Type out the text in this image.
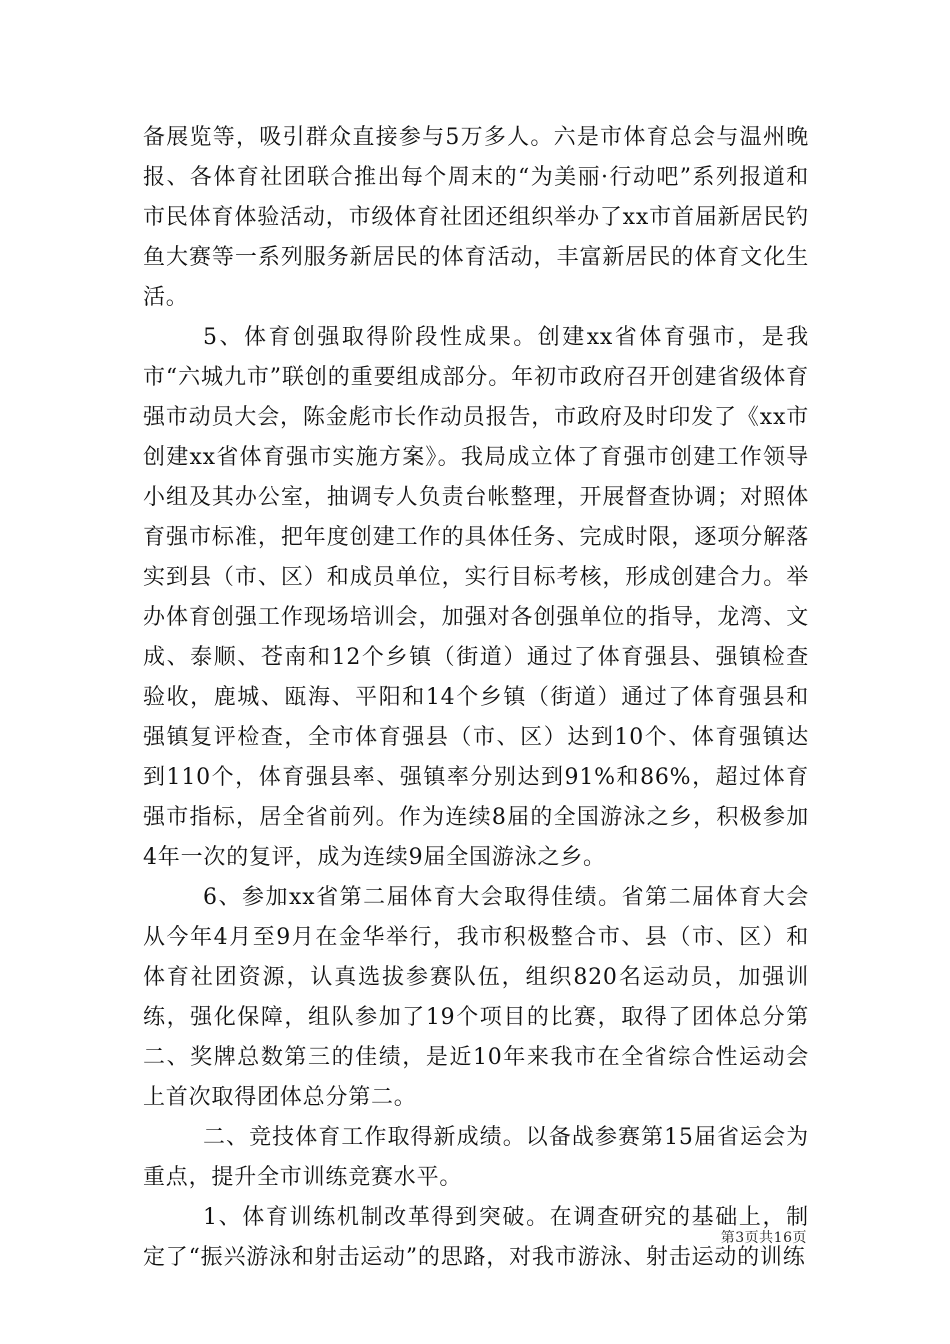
备展览等，吸引群众直接参与5万多人。六是市体育总会与温州晚报、各体育社团联合推出每个周末的“为美丽·行动吧”系列报道和市民体育体验活动，市级体育社团还组织举办了xx市首届新居民钓鱼大赛等一系列服务新居民的体育活动，丰富新居民的体育文化生活。

5、体育创强取得阶段性成果。创建xx省体育强市，是我市“六城九市”联创的重要组成部分。年初市政府召开创建省级体育强市动员大会，陈金彪市长作动员报告，市政府及时印发了《xx市创建xx省体育强市实施方案》。我局成立体了育强市创建工作领导小组及其办公室，抽调专人负责台帐整理，开展督查协调；对照体育强市标准，把年度创建工作的具体任务、完成时限，逐项分解落实到县（市、区）和成员单位，实行目标考核，形成创建合力。举办体育创强工作现场培训会，加强对各创强单位的指导，龙湾、文成、泰顺、苍南和12个乡镇（街道）通过了体育强县、强镇检查验收，鹿城、瓯海、平阳和14个乡镇（街道）通过了体育强县和强镇复评检查，全市体育强县（市、区）达到10个、体育强镇达到110个，体育强县率、强镇率分别达到91%和86%，超过体育强市指标，居全省前列。作为连续8届的全国游泳之乡，积极参加4年一次的复评，成为连续9届全国游泳之乡。

6、参加xx省第二届体育大会取得佳绩。省第二届体育大会从今年4月至9月在金华举行，我市积极整合市、县（市、区）和体育社团资源，认真选拔参赛队伍，组织820名运动员，加强训练，强化保障，组队参加了19个项目的比赛，取得了团体总分第二、奖牌总数第三的佳绩，是近10年来我市在全省综合性运动会上首次取得团体总分第二。

二、竞技体育工作取得新成绩。以备战参赛第15届省运会为重点，提升全市训练竞赛水平。

1、体育训练机制改革得到突破。在调查研究的基础上，制定了“振兴游泳和射击运动”的思路，对我市游泳、射击运动的训练

第3页共16页
